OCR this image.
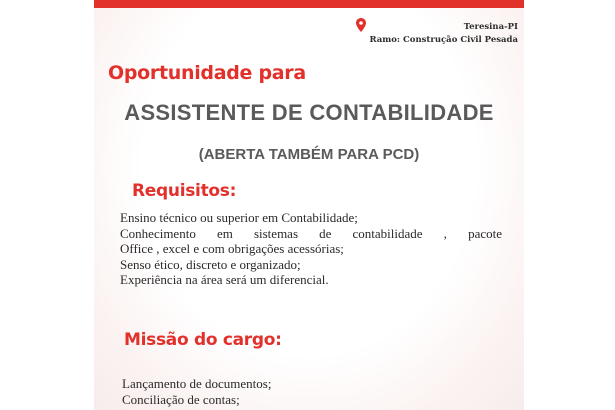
Teresina-PI
Ramo: Construção Civil Pesada
Oportunidade para
ASSISTENTE DE CONTABILIDADE
(ABERTA TAMBÉM PARA PCD)
Requisitos:
Ensino técnico ou superior em Contabilidade;
Conhecimento em sistemas de contabilidade , pacote
Office , excel e com obrigações acessórias;
Senso ético, discreto e organizado;
Experiência na área será um diferencial.
Missão do cargo:
Lançamento de documentos;
Conciliação de contas;
